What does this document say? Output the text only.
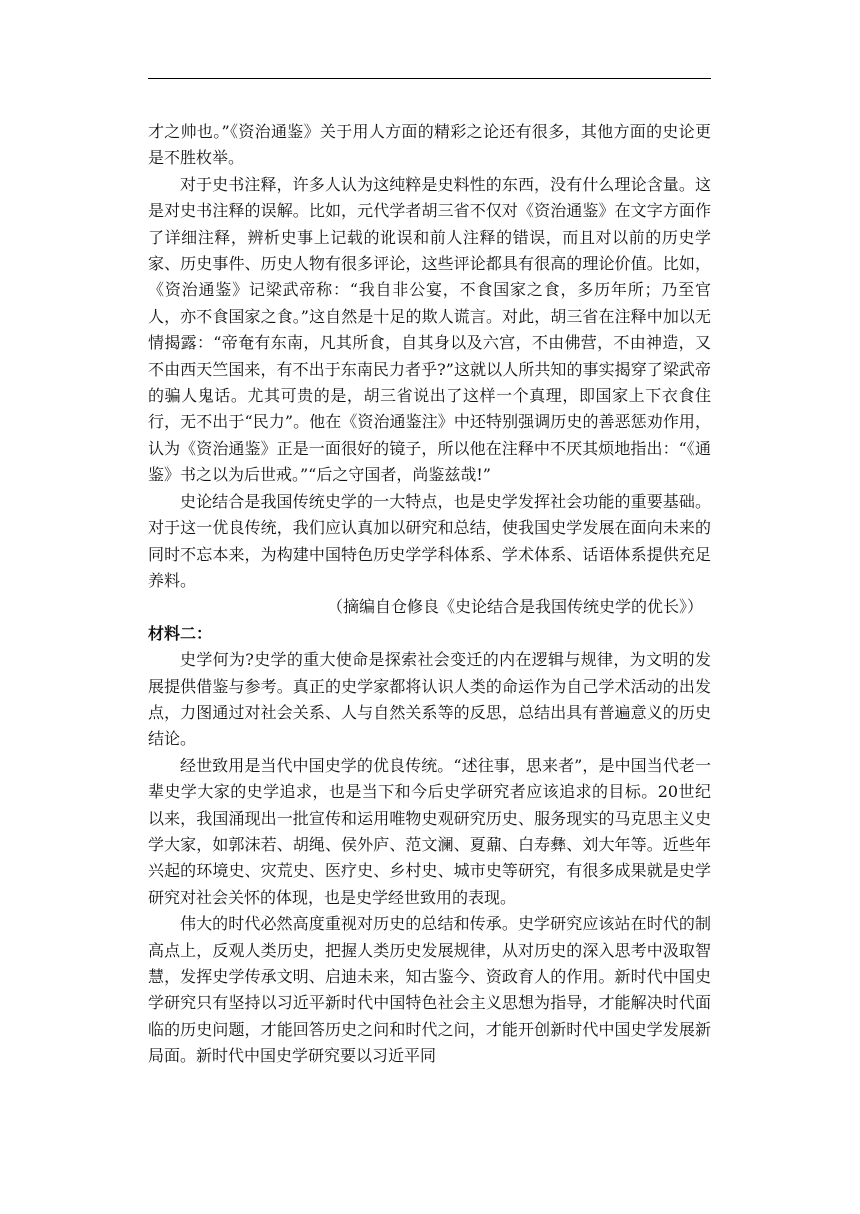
才之帅也。”《资治通鉴》关于用人方面的精彩之论还有很多，其他方面的史论更是不胜枚举。

对于史书注释，许多人认为这纯粹是史料性的东西，没有什么理论含量。这是对史书注释的误解。比如，元代学者胡三省不仅对《资治通鉴》在文字方面作了详细注释，辨析史事上记载的讹误和前人注释的错误，而且对以前的历史学家、历史事件、历史人物有很多评论，这些评论都具有很高的理论价值。比如，《资治通鉴》记梁武帝称：“我自非公宴，不食国家之食，多历年所；乃至官人，亦不食国家之食。”这自然是十足的欺人谎言。对此，胡三省在注释中加以无情揭露：“帝奄有东南，凡其所食，自其身以及六宫，不由佛营，不由神造，又不由西天竺国来，有不出于东南民力者乎?”这就以人所共知的事实揭穿了梁武帝的骗人鬼话。尤其可贵的是，胡三省说出了这样一个真理，即国家上下衣食住行，无不出于“民力”。他在《资治通鉴注》中还特别强调历史的善恶惩劝作用，认为《资治通鉴》正是一面很好的镜子，所以他在注释中不厌其烦地指出：“《通鉴》书之以为后世戒。”“后之守国者，尚鉴兹哉!”

史论结合是我国传统史学的一大特点，也是史学发挥社会功能的重要基础。对于这一优良传统，我们应认真加以研究和总结，使我国史学发展在面向未来的同时不忘本来，为构建中国特色历史学学科体系、学术体系、话语体系提供充足养料。

（摘编自仓修良《史论结合是我国传统史学的优长》）

材料二：

史学何为?史学的重大使命是探索社会变迁的内在逻辑与规律，为文明的发展提供借鉴与参考。真正的史学家都将认识人类的命运作为自己学术活动的出发点，力图通过对社会关系、人与自然关系等的反思，总结出具有普遍意义的历史结论。

经世致用是当代中国史学的优良传统。“述往事，思来者”，是中国当代老一辈史学大家的史学追求，也是当下和今后史学研究者应该追求的目标。20世纪以来，我国涌现出一批宣传和运用唯物史观研究历史、服务现实的马克思主义史学大家，如郭沫若、胡绳、侯外庐、范文澜、夏鼐、白寿彝、刘大年等。近些年兴起的环境史、灾荒史、医疗史、乡村史、城市史等研究，有很多成果就是史学研究对社会关怀的体现，也是史学经世致用的表现。

伟大的时代必然高度重视对历史的总结和传承。史学研究应该站在时代的制高点上，反观人类历史，把握人类历史发展规律，从对历史的深入思考中汲取智慧，发挥史学传承文明、启迪未来，知古鉴今、资政育人的作用。新时代中国史学研究只有坚持以习近平新时代中国特色社会主义思想为指导，才能解决时代面临的历史问题，才能回答历史之问和时代之问，才能开创新时代中国史学发展新局面。新时代中国史学研究要以习近平同
